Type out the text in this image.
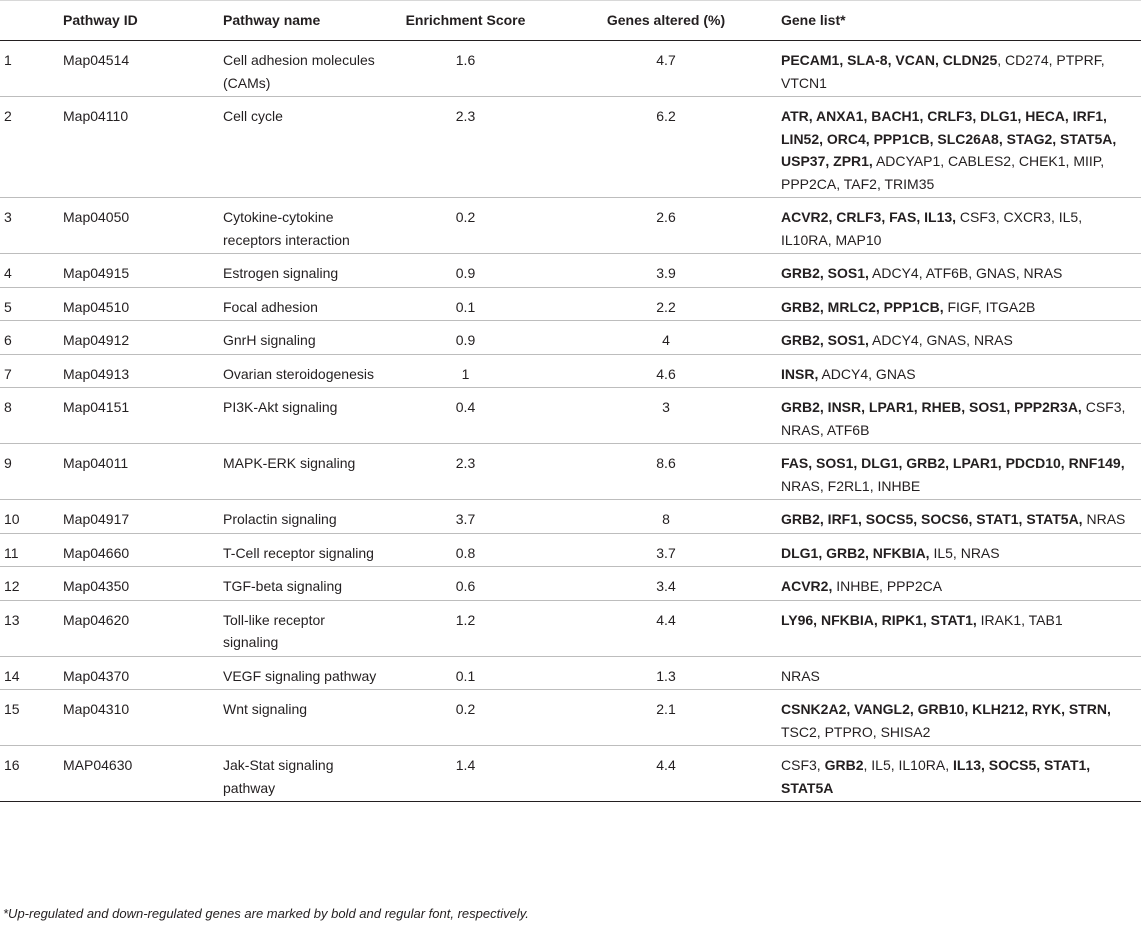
	Pathway ID	Pathway name	Enrichment Score	Genes altered (%)	Gene list*
1	Map04514	Cell adhesion molecules (CAMs)	1.6	4.7	PECAM1, SLA-8, VCAN, CLDN25, CD274, PTPRF, VTCN1
2	Map04110	Cell cycle	2.3	6.2	ATR, ANXA1, BACH1, CRLF3, DLG1, HECA, IRF1, LIN52, ORC4, PPP1CB, SLC26A8, STAG2, STAT5A, USP37, ZPR1, ADCYAP1, CABLES2, CHEK1, MIIP, PPP2CA, TAF2, TRIM35
3	Map04050	Cytokine-cytokine receptors interaction	0.2	2.6	ACVR2, CRLF3, FAS, IL13, CSF3, CXCR3, IL5, IL10RA, MAP10
4	Map04915	Estrogen signaling	0.9	3.9	GRB2, SOS1, ADCY4, ATF6B, GNAS, NRAS
5	Map04510	Focal adhesion	0.1	2.2	GRB2, MRLC2, PPP1CB, FIGF, ITGA2B
6	Map04912	GnrH signaling	0.9	4	GRB2, SOS1, ADCY4, GNAS, NRAS
7	Map04913	Ovarian steroidogenesis	1	4.6	INSR, ADCY4, GNAS
8	Map04151	PI3K-Akt signaling	0.4	3	GRB2, INSR, LPAR1, RHEB, SOS1, PPP2R3A, CSF3, NRAS, ATF6B
9	Map04011	MAPK-ERK signaling	2.3	8.6	FAS, SOS1, DLG1, GRB2, LPAR1, PDCD10, RNF149, NRAS, F2RL1, INHBE
10	Map04917	Prolactin signaling	3.7	8	GRB2, IRF1, SOCS5, SOCS6, STAT1, STAT5A, NRAS
11	Map04660	T-Cell receptor signaling	0.8	3.7	DLG1, GRB2, NFKBIA, IL5, NRAS
12	Map04350	TGF-beta signaling	0.6	3.4	ACVR2, INHBE, PPP2CA
13	Map04620	Toll-like receptor signaling	1.2	4.4	LY96, NFKBIA, RIPK1, STAT1, IRAK1, TAB1
14	Map04370	VEGF signaling pathway	0.1	1.3	NRAS
15	Map04310	Wnt signaling	0.2	2.1	CSNK2A2, VANGL2, GRB10, KLH212, RYK, STRN, TSC2, PTPRO, SHISA2
16	MAP04630	Jak-Stat signaling pathway	1.4	4.4	CSF3, GRB2, IL5, IL10RA, IL13, SOCS5, STAT1, STAT5A
*Up-regulated and down-regulated genes are marked by bold and regular font, respectively.
